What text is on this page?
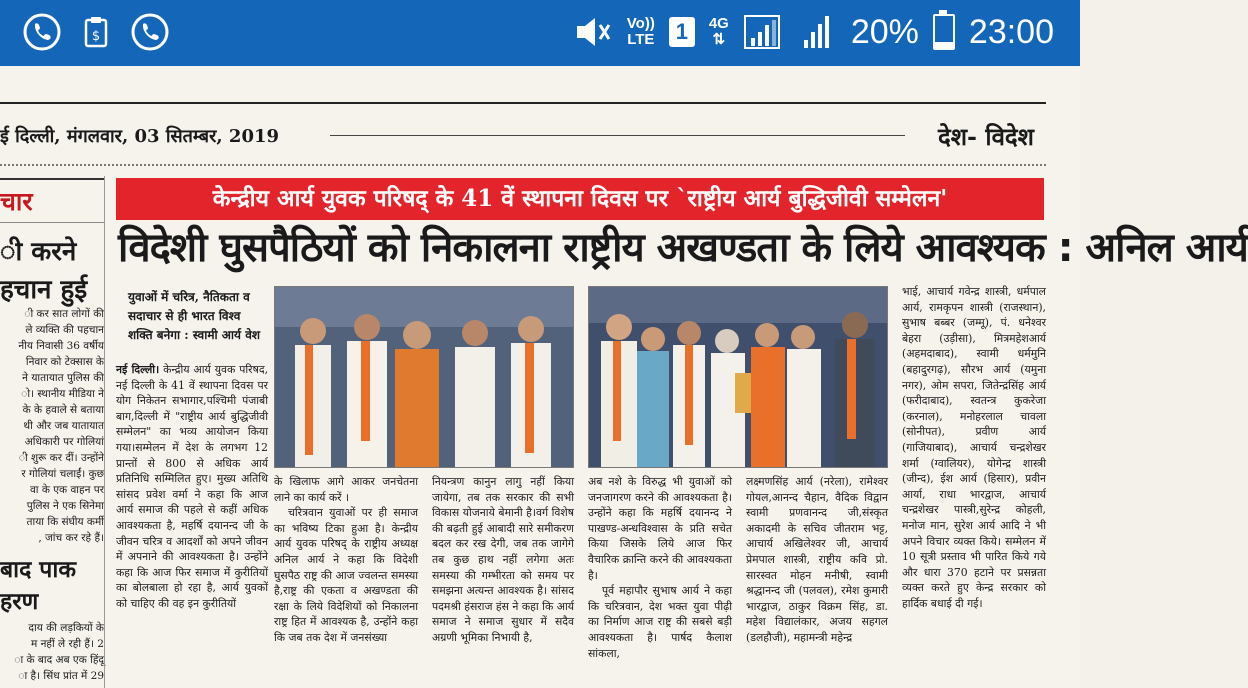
$
Vo))
LTE 1	4G
⇅	20% 23:00
ई दिल्ली, मंगलवार, 03 सितम्बर, 2019	देश- विदेश
चार
ी करने
हचान हुई
ी कर सात लोगों की
ले व्यक्ति की पहचान
नीय निवासी 36 वर्षीय
निवार को टेक्सास के
ने यातायात पुलिस की
ो। स्थानीय मीडिया ने
के के हवाले से बताया
थी और जब यातायात
अधिकारी पर गोलियां
ी शुरू कर दीं। उन्होंने
र गोलियां चलाईं। कुछ
वा के एक वाहन पर
पुलिस ने एक सिनेमा
ताया कि संघीय कर्मी
, जांच कर रहे हैं।
बाद पाक
हरण
दाय की लड़कियों के
म नहीं ले रही हैं। 2
ा के बाद अब एक हिंदू
ा है। सिंध प्रांत में 29
केन्द्रीय आर्य युवक परिषद् के 41 वें स्थापना दिवस पर `राष्ट्रीय आर्य बुद्धिजीवी सम्मेलन'
विदेशी घुसपैठियों को निकालना राष्ट्रीय अखण्डता के लिये आवश्यक : अनिल आर्य
युवाओं में चरित्र, नैतिकता व सदाचार से ही भारत विश्व शक्ति बनेगा : स्वामी आर्य वेश
नई दिल्ली। केन्द्रीय आर्य युवक परिषद, नई दिल्ली के 41 वें स्थापना दिवस पर योग निकेतन सभागार,पश्चिमी पंजाबी बाग,दिल्ली में "राष्ट्रीय आर्य बुद्धिजीवी सम्मेलन" का भव्य आयोजन किया गया।सम्मेलन में देश के लगभग 12 प्रान्तों से 800 से अधिक आर्य प्रतिनिधि सम्मिलित हुए। मुख्य अतिथि सांसद प्रवेश वर्मा ने कहा कि आज आर्य समाज की पहले से कहीं अधिक आवश्यकता है, महर्षि दयानन्द जी के जीवन चरित्र व आदर्शों को अपने जीवन में अपनाने की आवश्यकता है। उन्होंने कहा कि आज फिर समाज में कुरीतियों का बोलबाला हो रहा है, आर्य युवकों को चाहिए की वह इन कुरीतियों

के खिलाफ आगे आकर जनचेतना लाने का कार्य करें ।

चरित्रवान युवाओं पर ही समाज का भविष्य टिका हुआ है। केन्द्रीय आर्य युवक परिषद् के राष्ट्रीय अध्यक्ष अनिल आर्य ने कहा कि विदेशी घुसपैठ राष्ट्र की आज ज्वलन्त समस्या है,राष्ट्र की एकता व अखण्डता की रक्षा के लिये विदेशियों को निकालना राष्ट्र हित में आवश्यक है, उन्होंने कहा कि जब तक देश में जनसंख्या

नियन्त्रण कानुन लागु नहीं किया जायेगा, तब तक सरकार की सभी विकास योजनाये बेमानी है।वर्ग विशेष की बढ़ती हुई आबादी सारे समीकरण बदल कर रख देगी, जब तक जागेगे तब कुछ हाथ नहीं लगेगा अतः समस्या की गम्भीरता को समय पर समझना अत्यन्त आवश्यक है। सांसद पदमश्री हंसराज हंस ने कहा कि आर्य समाज ने समाज सुधार में सदैव अग्रणी भूमिका निभायी है,

अब नशे के विरुद्ध भी युवाओं को जनजागरण करने की आवश्यकता है। उन्होंने कहा कि महर्षि दयानन्द ने पाखण्ड-अन्धविश्वास के प्रति सचेत किया जिसके लिये आज फिर वैचारिक क्रान्ति करने की आवश्यकता है।

पूर्व महापौर सुभाष आर्य ने कहा कि चरित्रवान, देश भक्त युवा पीढ़ी का निर्माण आज राष्ट्र की सबसे बड़ी आवश्यकता है। पार्षद कैलाश सांकला,

लक्ष्मणसिंह आर्य (नरेला), रामेश्वर गोयल,आनन्द चैहान, वैदिक विद्वान स्वामी प्रणवानन्द जी,संस्कृत अकादमी के सचिव जीतराम भट्ट, आचार्य अखिलेश्वर जी, आचार्य प्रेमपाल शास्त्री, राष्ट्रीय कवि प्रो. सारस्वत मोहन मनीषी, स्वामी श्रद्धानन्द जी (पलवल), रमेश कुमारी भारद्वाज, ठाकुर विक्रम सिंह, डा. महेश विद्यालंकार, अजय सहगल (डलहौजी), महामन्त्री महेन्द्र

भाई, आचार्य गवेन्द्र शास्त्री, धर्मपाल आर्य, रामकृपन शास्त्री (राजस्थान), सुभाष बब्बर (जम्मू), पं. धनेश्वर बेहरा (उड़ीसा), मित्रमहेशआर्य (अहमदाबाद), स्वामी धर्ममुनि (बहादुरगढ़), सौरभ आर्य (यमुना नगर), ओम सपरा, जितेन्द्रसिंह आर्य (फरीदाबाद), स्वतन्त्र कुकरेजा (करनाल), मनोहरलाल चावला (सोनीपत), प्रवीण आर्य (गाजियाबाद), आचार्य चन्द्रशेखर शर्मा (ग्वालियर), योगेन्द्र शास्त्री (जीन्द), ईश आर्य (हिसार), प्रवीन आर्या, राधा भारद्वाज, आचार्य चन्द्रशेखर पास्त्री,सुरेन्द्र कोहली, मनोज मान, सुरेश आर्य आदि ने भी अपने विचार व्यक्त किये। सम्मेलन में 10 सूत्री प्रस्ताव भी पारित किये गये और धारा 370 हटाने पर प्रसन्नता व्यक्त करते हुए केन्द्र सरकार को हार्दिक बधाई दी गई।
